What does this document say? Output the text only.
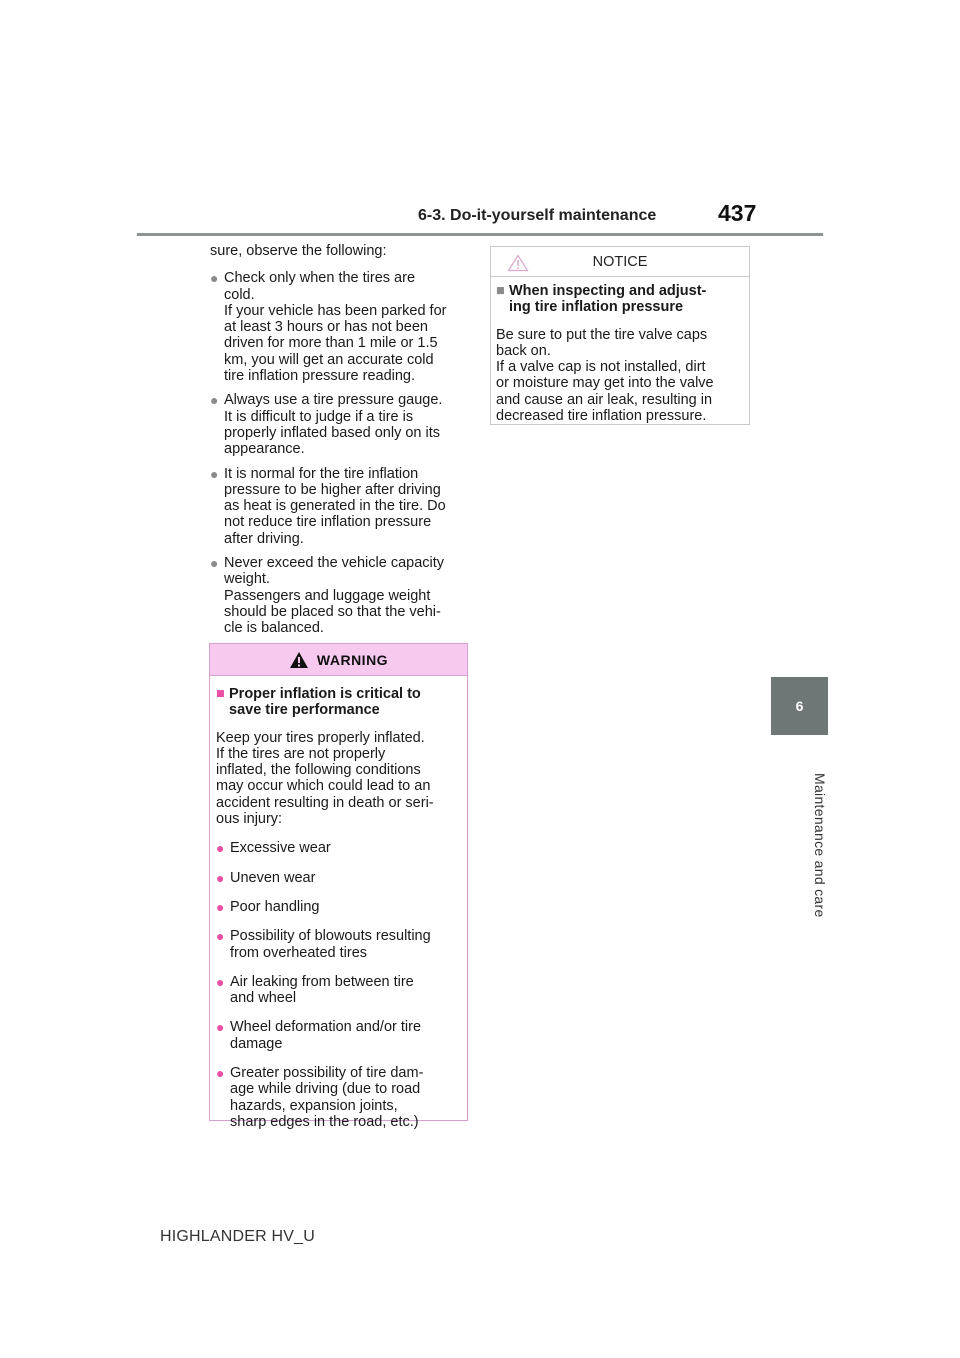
6-3. Do-it-yourself maintenance	437
6
Maintenance and care

sure, observe the following:

● Check only when the tires are
cold.
If your vehicle has been parked for
at least 3 hours or has not been
driven for more than 1 mile or 1.5
km, you will get an accurate cold
tire inflation pressure reading.
● Always use a tire pressure gauge.
It is difficult to judge if a tire is
properly inflated based only on its
appearance.
● It is normal for the tire inflation
pressure to be higher after driving
as heat is generated in the tire. Do
not reduce tire inflation pressure
after driving.
● Never exceed the vehicle capacity
weight.
Passengers and luggage weight
should be placed so that the vehi-
cle is balanced.
WARNING
■ Proper inflation is critical to
save tire performance
Keep your tires properly inflated.
If the tires are not properly
inflated, the following conditions
may occur which could lead to an
accident resulting in death or seri-
ous injury:
● Excessive wear
● Uneven wear
● Poor handling
● Possibility of blowouts resulting
from overheated tires
● Air leaking from between tire
and wheel
● Wheel deformation and/or tire
damage
● Greater possibility of tire dam-
age while driving (due to road
hazards, expansion joints,
sharp edges in the road, etc.)
NOTICE
■ When inspecting and adjust-
ing tire inflation pressure
Be sure to put the tire valve caps
back on.
If a valve cap is not installed, dirt
or moisture may get into the valve
and cause an air leak, resulting in
decreased tire inflation pressure.
HIGHLANDER HV_U
